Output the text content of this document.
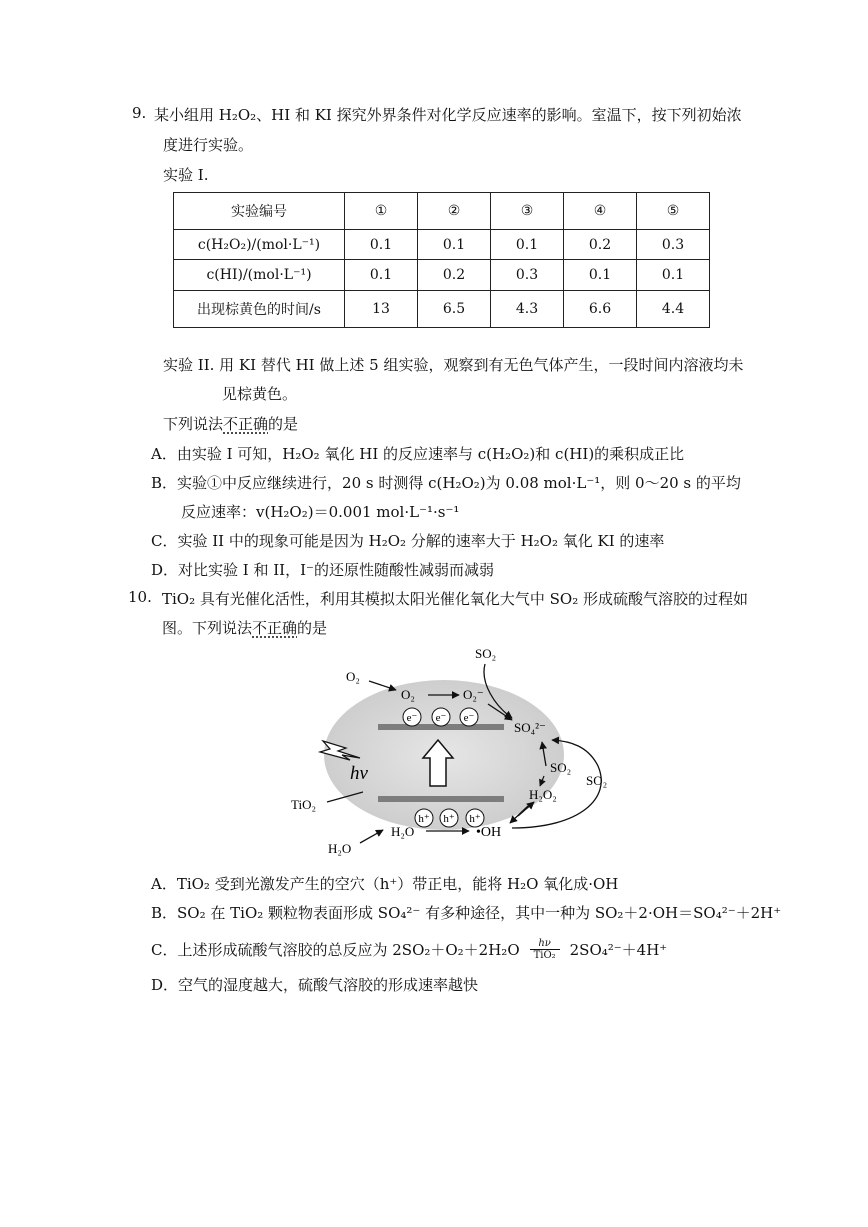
9. 某小组用 H₂O₂、HI 和 KI 探究外界条件对化学反应速率的影响。室温下，按下列初始浓
度进行实验。
实验 I.
实验编号	①	②	③	④	⑤
c(H₂O₂)/(mol·L⁻¹)	0.1	0.1	0.1	0.2	0.3
c(HI)/(mol·L⁻¹)	0.1	0.2	0.3	0.1	0.1
出现棕黄色的时间/s	13	6.5	4.3	6.6	4.4
实验 II. 用 KI 替代 HI 做上述 5 组实验，观察到有无色气体产生，一段时间内溶液均未
见棕黄色。
下列说法不正确的是
A．由实验 I 可知，H₂O₂ 氧化 HI 的反应速率与 c(H₂O₂)和 c(HI)的乘积成正比
B．实验①中反应继续进行，20 s 时测得 c(H₂O₂)为 0.08 mol·L⁻¹，则 0～20 s 的平均
反应速率：v(H₂O₂)＝0.001 mol·L⁻¹·s⁻¹
C．实验 II 中的现象可能是因为 H₂O₂ 分解的速率大于 H₂O₂ 氧化 KI 的速率
D．对比实验 I 和 II，I⁻的还原性随酸性减弱而减弱
10. TiO₂ 具有光催化活性，利用其模拟太阳光催化氧化大气中 SO₂ 形成硫酸气溶胶的过程如
图。下列说法不正确的是
e⁻ e⁻ e⁻
h⁺ h⁺ h⁺
hν
TiO₂
O₂
O₂	O₂⁻
SO₂
SO₄²⁻
SO₂
SO₂
H₂O₂
H₂O
H₂O	•OH
A．TiO₂ 受到光激发产生的空穴（h⁺）带正电，能将 H₂O 氧化成·OH
B．SO₂ 在 TiO₂ 颗粒物表面形成 SO₄²⁻ 有多种途径，其中一种为 SO₂＋2·OH＝SO₄²⁻＋2H⁺
C．上述形成硫酸气溶胶的总反应为 2SO₂＋O₂＋2H₂O hν
TiO₂ 2SO₄²⁻＋4H⁺
D．空气的湿度越大，硫酸气溶胶的形成速率越快
